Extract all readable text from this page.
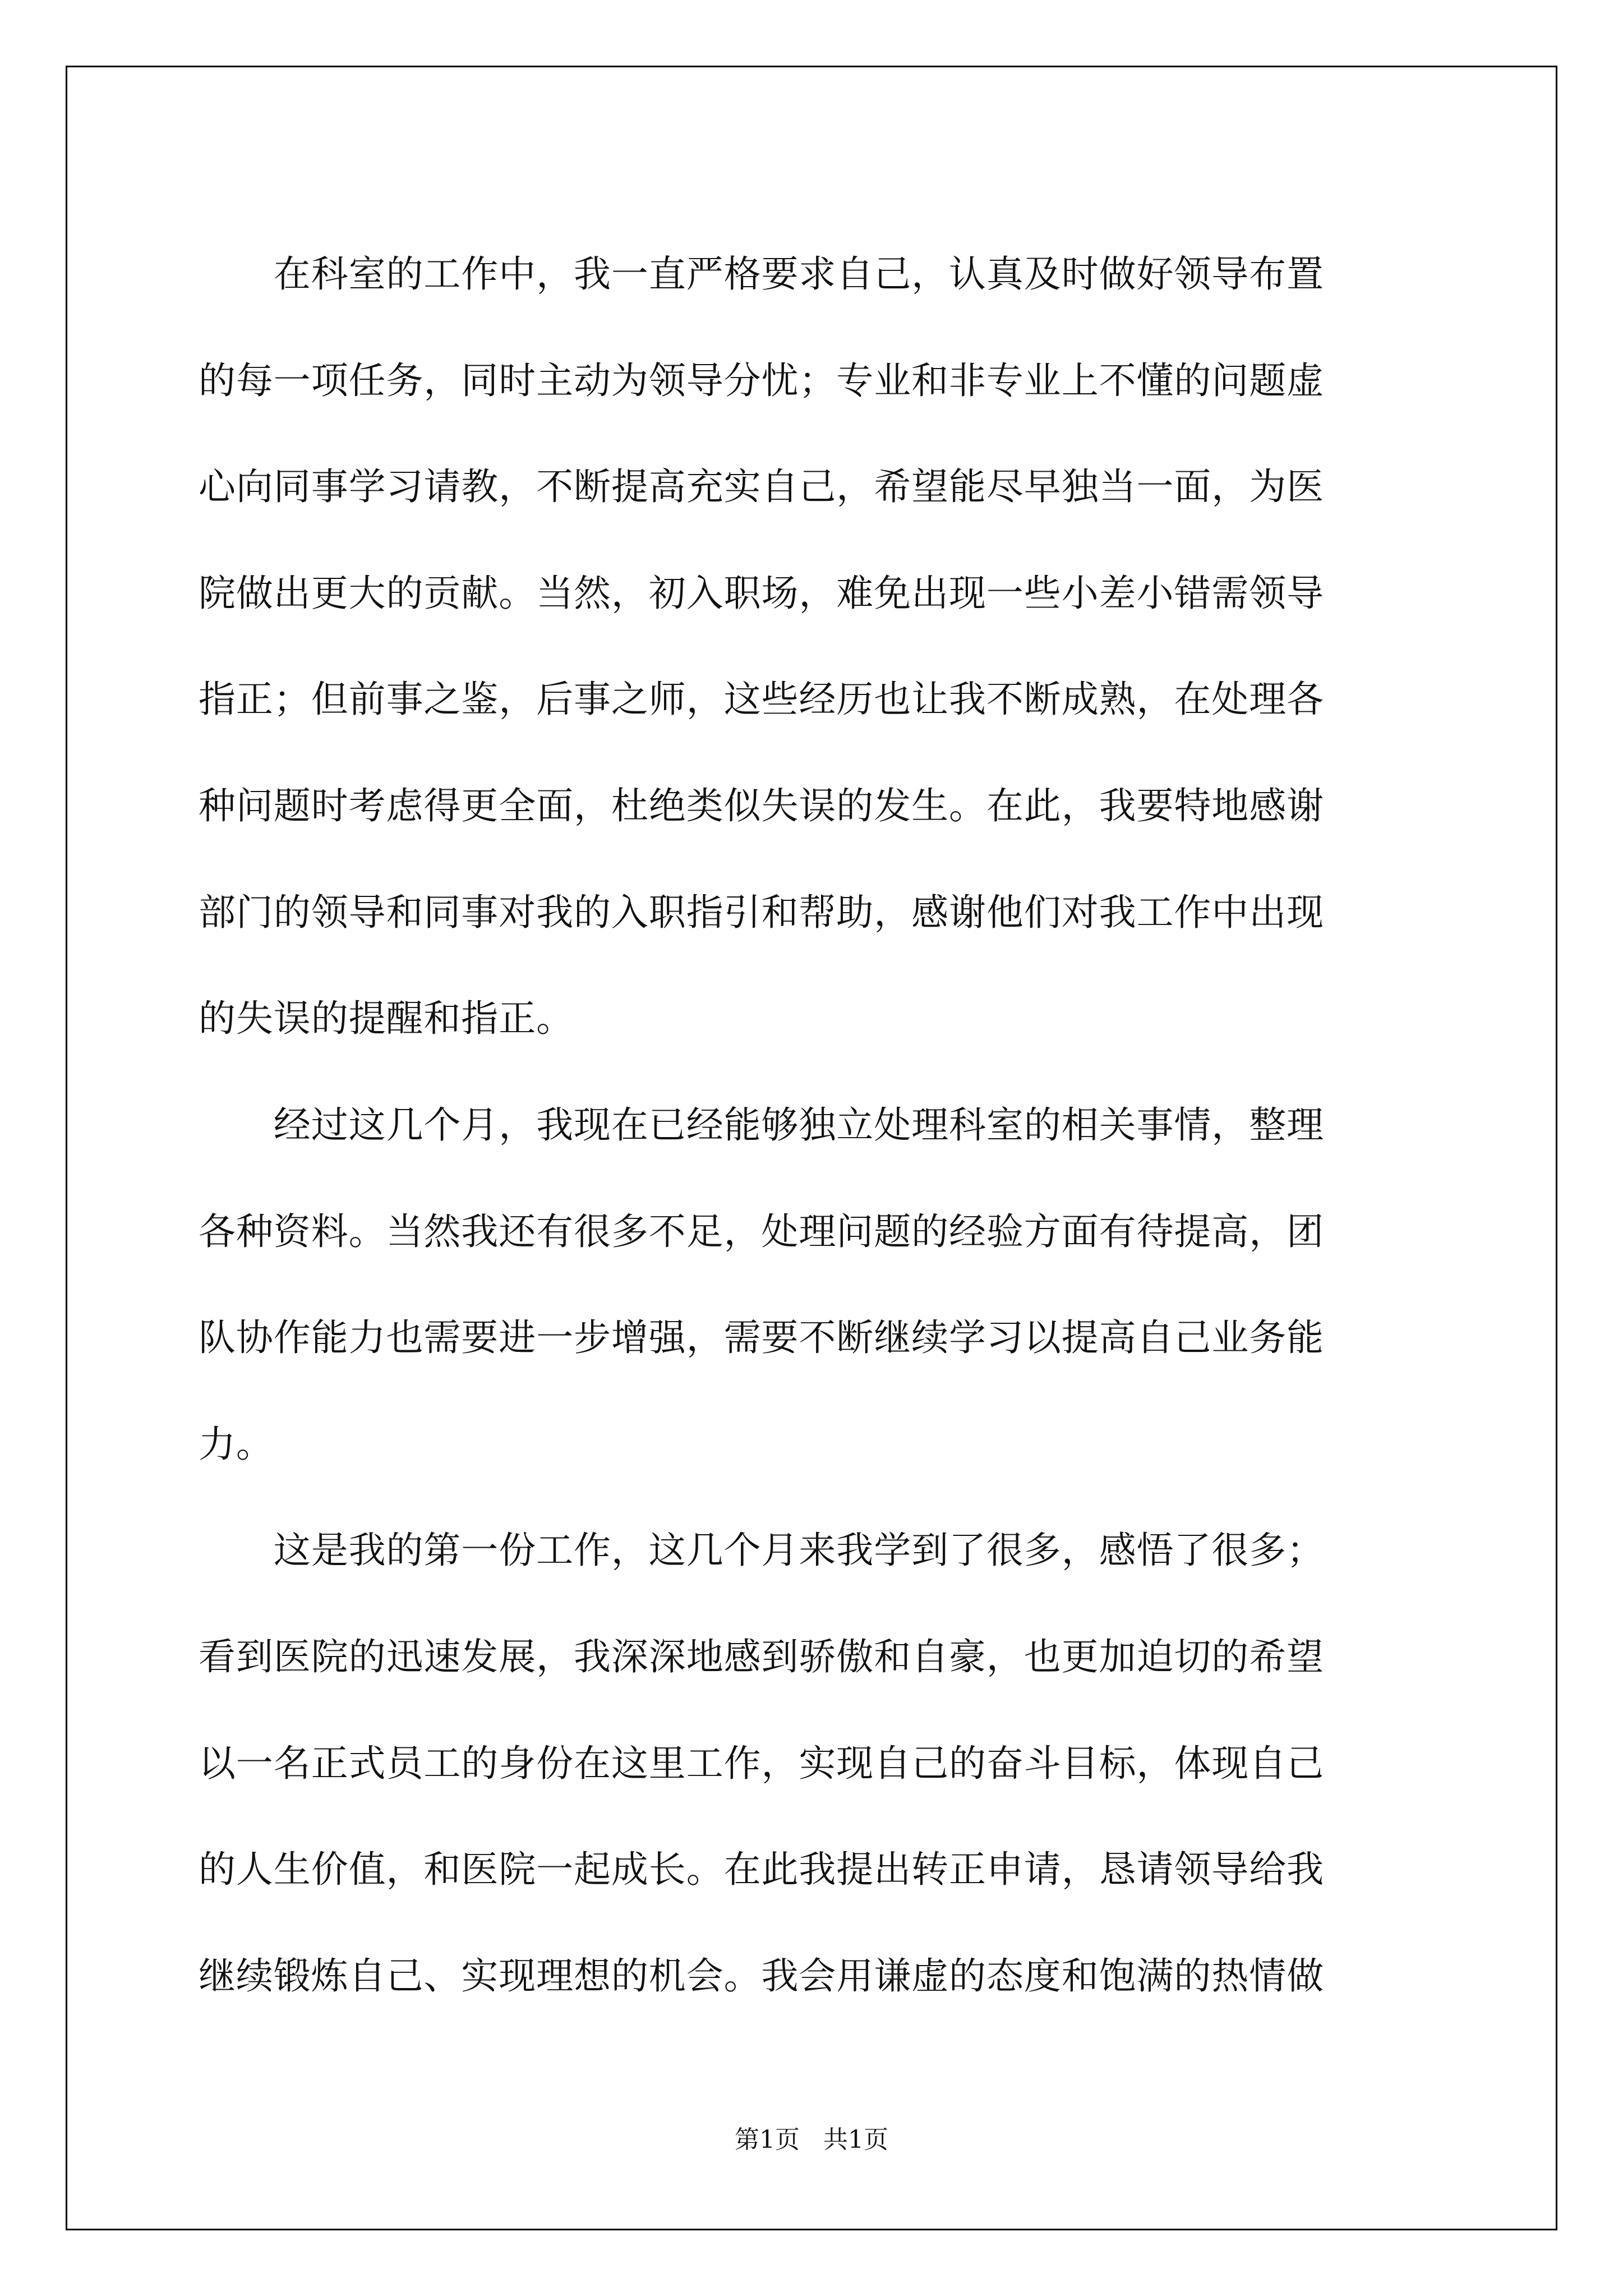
　　在科室的工作中，我一直严格要求自己，认真及时做好领导布置
的每一项任务，同时主动为领导分忧；专业和非专业上不懂的问题虚
心向同事学习请教，不断提高充实自己，希望能尽早独当一面，为医
院做出更大的贡献。当然，初入职场，难免出现一些小差小错需领导
指正；但前事之鉴，后事之师，这些经历也让我不断成熟，在处理各
种问题时考虑得更全面，杜绝类似失误的发生。在此，我要特地感谢
部门的领导和同事对我的入职指引和帮助，感谢他们对我工作中出现
的失误的提醒和指正。
　　经过这几个月，我现在已经能够独立处理科室的相关事情，整理
各种资料。当然我还有很多不足，处理问题的经验方面有待提高，团
队协作能力也需要进一步增强，需要不断继续学习以提高自己业务能
力。
　　这是我的第一份工作，这几个月来我学到了很多，感悟了很多；
看到医院的迅速发展，我深深地感到骄傲和自豪，也更加迫切的希望
以一名正式员工的身份在这里工作，实现自己的奋斗目标，体现自己
的人生价值，和医院一起成长。在此我提出转正申请，恳请领导给我
继续锻炼自己、实现理想的机会。我会用谦虚的态度和饱满的热情做
第1页 共1页
